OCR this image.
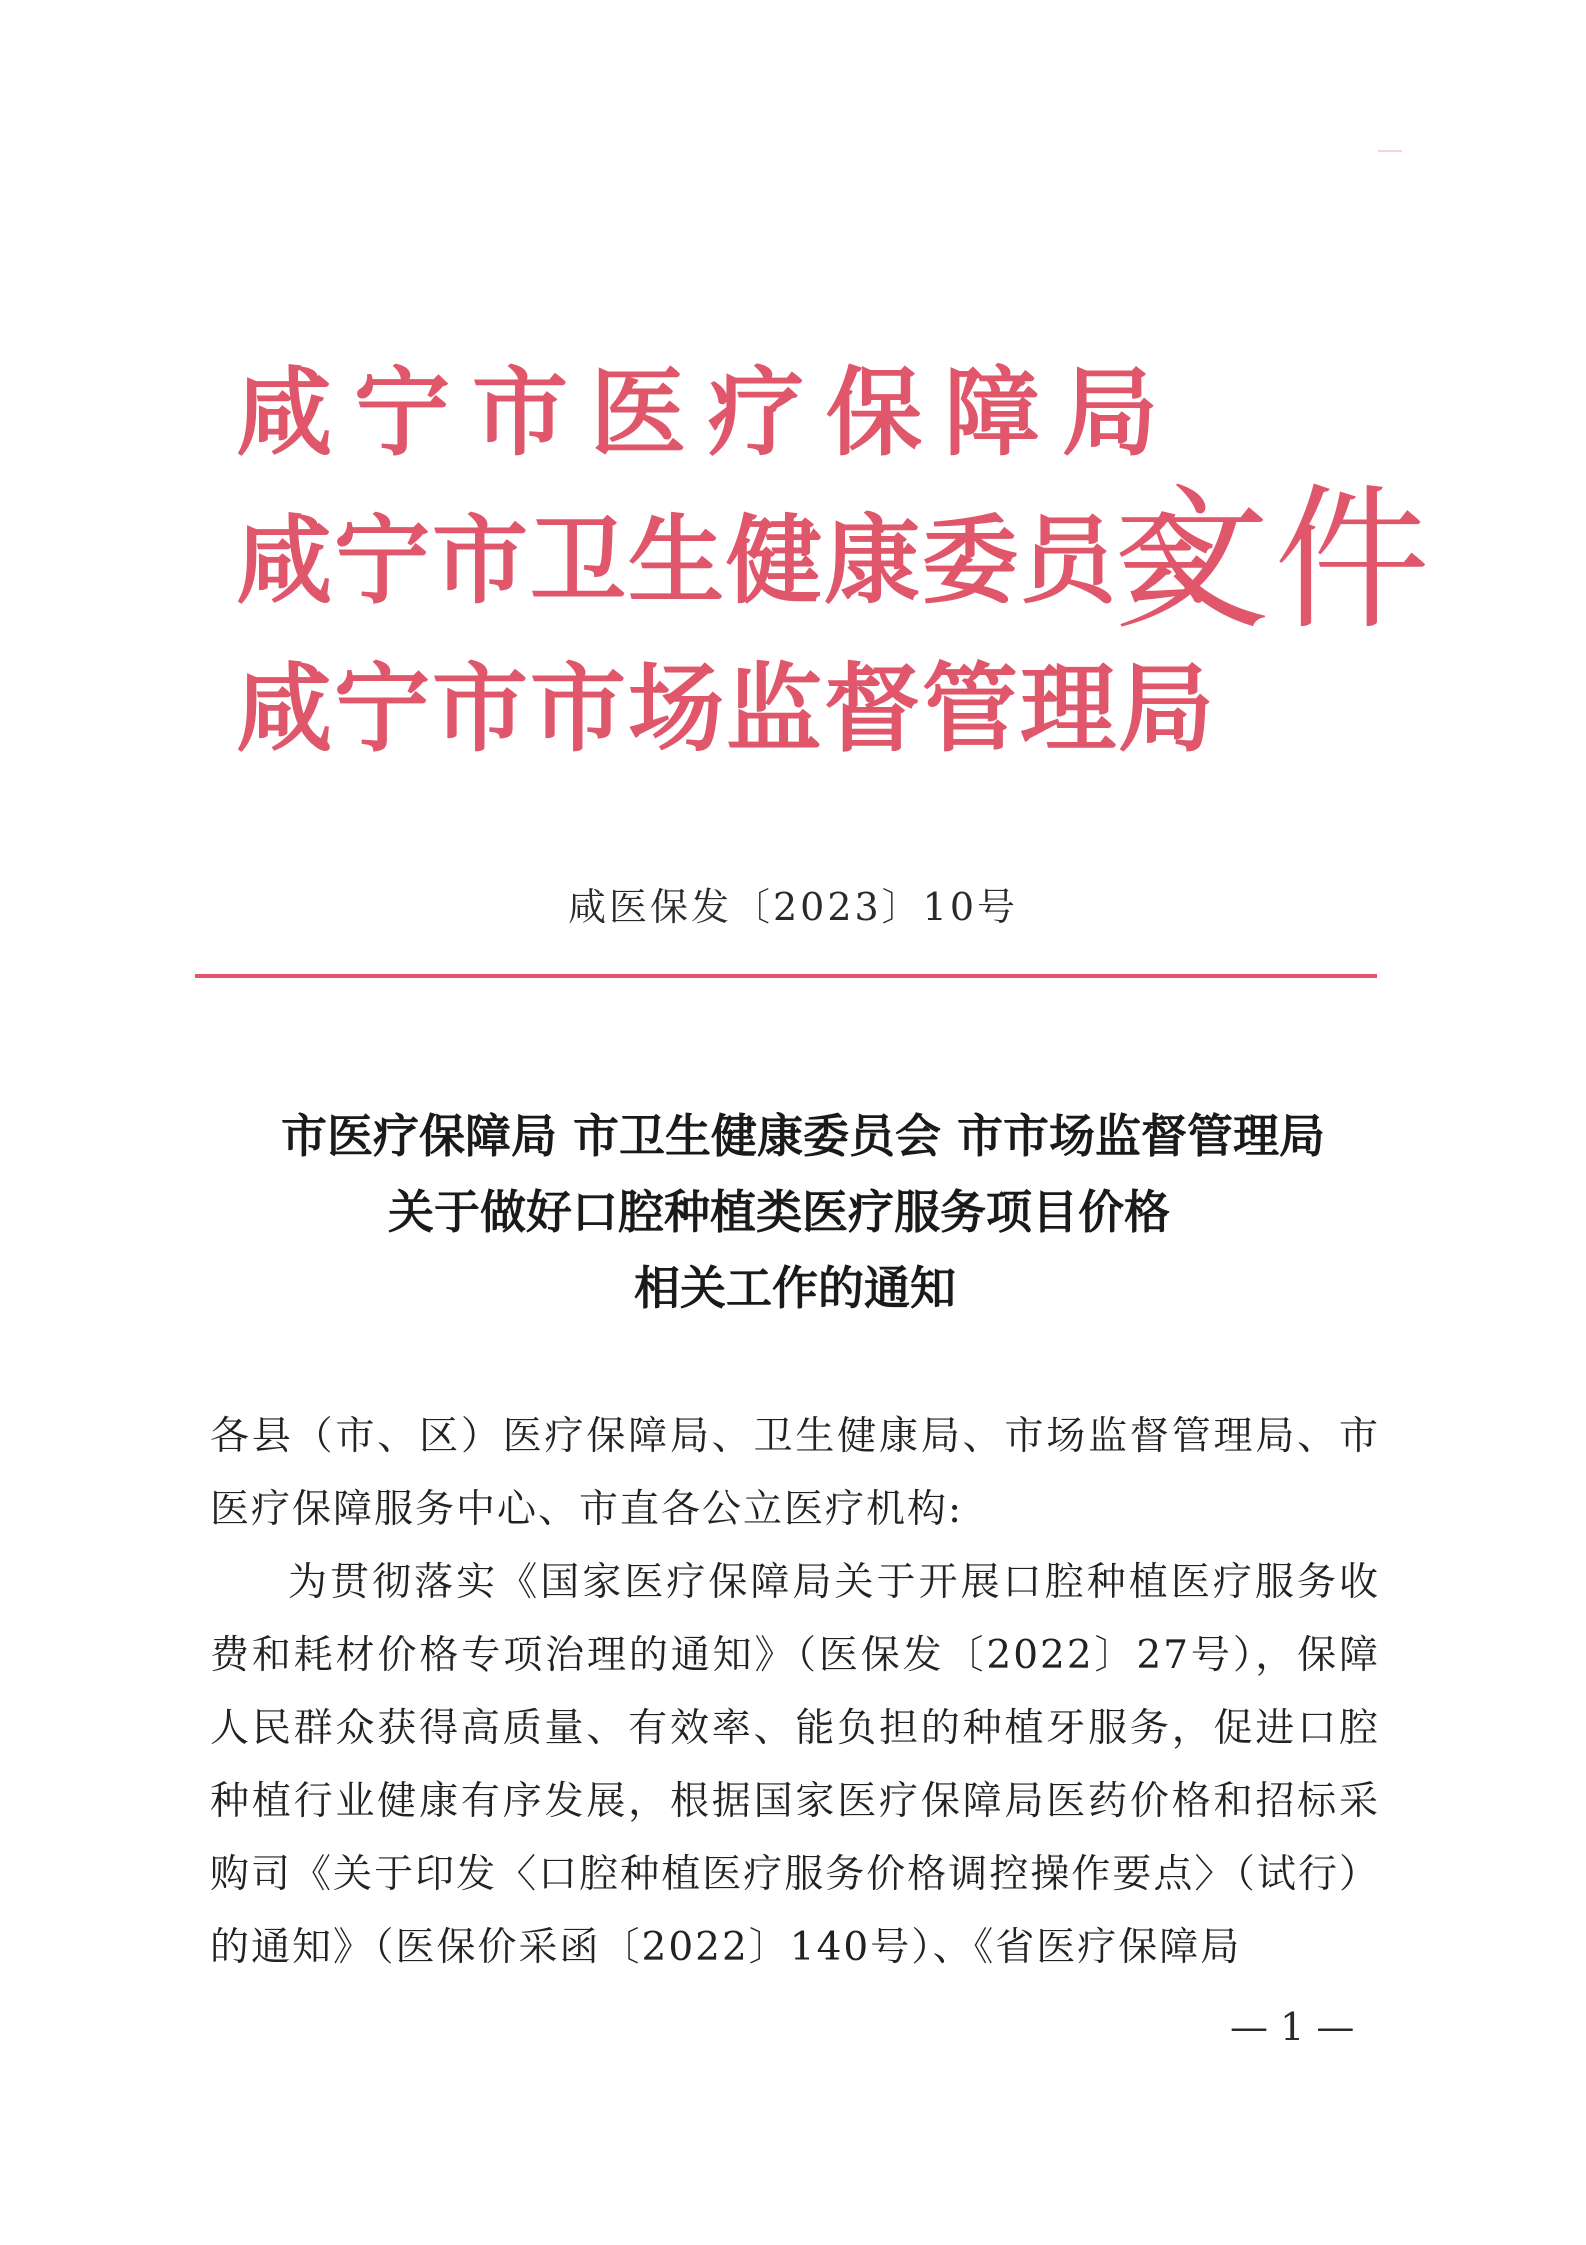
咸宁市医疗保障局
咸宁市卫生健康委员会
咸宁市市场监督管理局
文件
咸医保发〔2023〕10号
市医疗保障局 市卫生健康委员会 市市场监督管理局
关于做好口腔种植类医疗服务项目价格
相关工作的通知

各县（市、区）医疗保障局、卫生健康局、市场监督管理局、市医疗保障服务中心、市直各公立医疗机构:

为贯彻落实《国家医疗保障局关于开展口腔种植医疗服务收费和耗材价格专项治理的通知》（医保发〔2022〕27号），保障人民群众获得高质量、有效率、能负担的种植牙服务，促进口腔种植行业健康有序发展，根据国家医疗保障局医药价格和招标采购司《关于印发〈口腔种植医疗服务价格调控操作要点〉（试行）的通知》（医保价采函〔2022〕140号）、《省医疗保障局

— 1 —
